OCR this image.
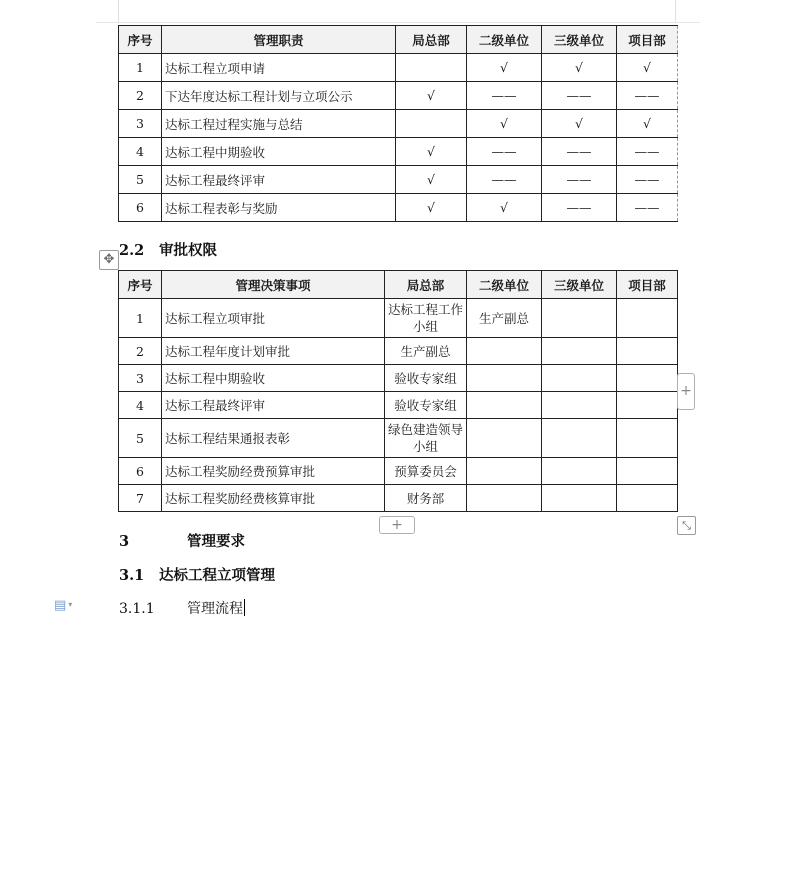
序号	管理职责	局总部	二级单位	三级单位	项目部
1	达标工程立项申请		√	√	√
2	下达年度达标工程计划与立项公示	√	——	——	——
3	达标工程过程实施与总结		√	√	√
4	达标工程中期验收	√	——	——	——
5	达标工程最终评审	√	——	——	——
6	达标工程表彰与奖励	√	√	——	——
✥
2.2 审批权限
序号	管理决策事项	局总部	二级单位	三级单位	项目部
1	达标工程立项审批	达标工程工作小组	生产副总		
2	达标工程年度计划审批	生产副总			
3	达标工程中期验收	验收专家组			
4	达标工程最终评审	验收专家组			
5	达标工程结果通报表彰	绿色建造领导小组			
6	达标工程奖励经费预算审批	预算委员会			
7	达标工程奖励经费核算审批	财务部			
+
+	⤡
3	管理要求
3.1 达标工程立项管理
▤ ▾	3.1.1 管理流程
